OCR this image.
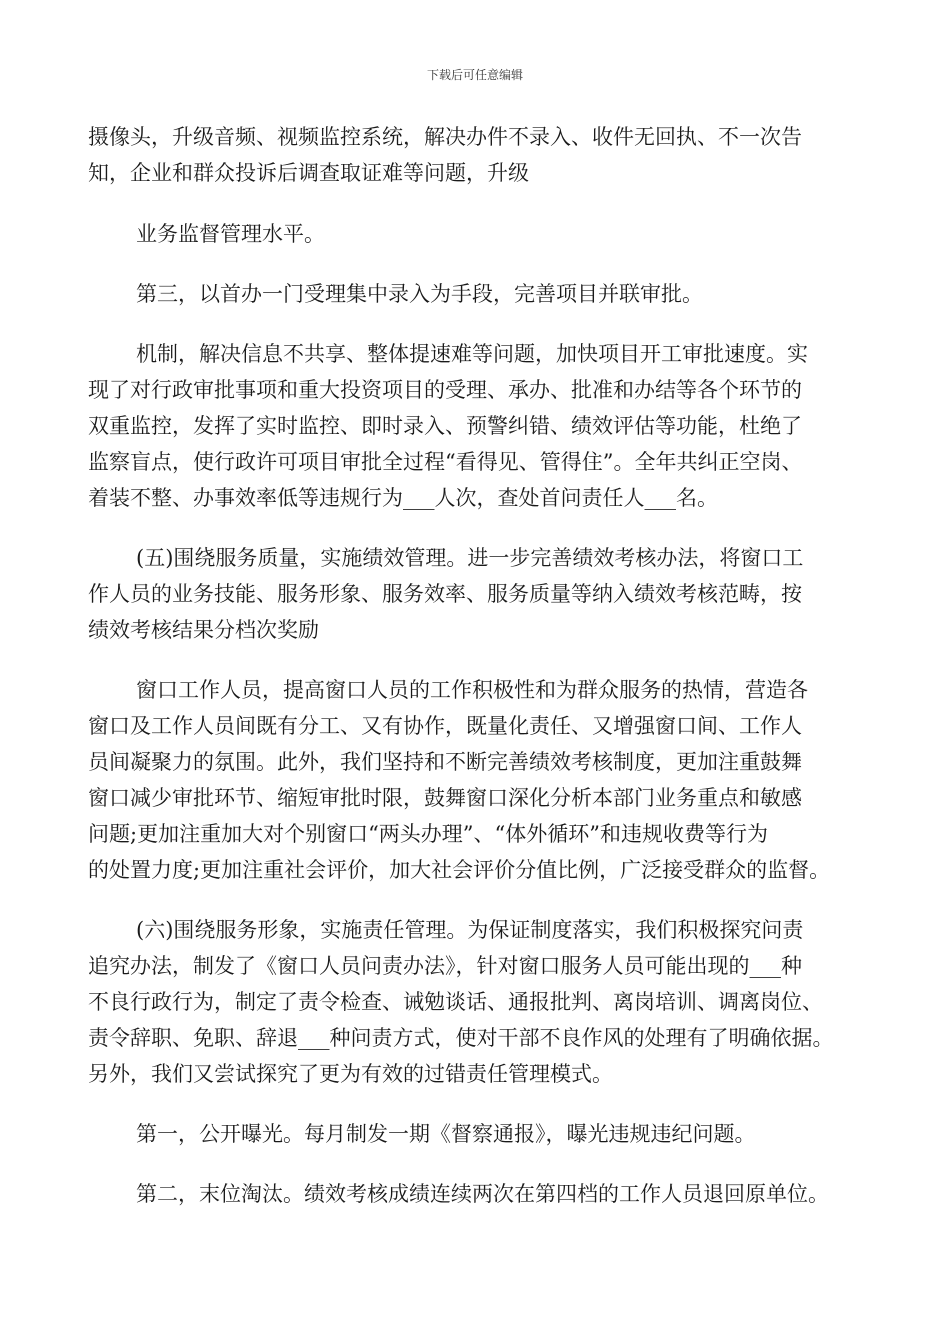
下载后可任意编辑
摄像头，升级音频、视频监控系统，解决办件不录入、收件无回执、不一次告
知，企业和群众投诉后调查取证难等问题，升级
业务监督管理水平。
第三，以首办一门受理集中录入为手段，完善项目并联审批。
机制，解决信息不共享、整体提速难等问题，加快项目开工审批速度。实
现了对行政审批事项和重大投资项目的受理、承办、批准和办结等各个环节的
双重监控，发挥了实时监控、即时录入、预警纠错、绩效评估等功能，杜绝了
监察盲点，使行政许可项目审批全过程“看得见、管得住”。全年共纠正空岗、
着装不整、办事效率低等违规行为___人次，查处首问责任人___名。
(五)围绕服务质量，实施绩效管理。进一步完善绩效考核办法，将窗口工
作人员的业务技能、服务形象、服务效率、服务质量等纳入绩效考核范畴，按
绩效考核结果分档次奖励
窗口工作人员，提高窗口人员的工作积极性和为群众服务的热情，营造各
窗口及工作人员间既有分工、又有协作，既量化责任、又增强窗口间、工作人
员间凝聚力的氛围。此外，我们坚持和不断完善绩效考核制度，更加注重鼓舞
窗口减少审批环节、缩短审批时限，鼓舞窗口深化分析本部门业务重点和敏感
问题;更加注重加大对个别窗口“两头办理”、“体外循环”和违规收费等行为
的处置力度;更加注重社会评价，加大社会评价分值比例，广泛接受群众的监督。
(六)围绕服务形象，实施责任管理。为保证制度落实，我们积极探究问责
追究办法，制发了《窗口人员问责办法》，针对窗口服务人员可能出现的___种
不良行政行为，制定了责令检查、诫勉谈话、通报批判、离岗培训、调离岗位、
责令辞职、免职、辞退___种问责方式，使对干部不良作风的处理有了明确依据。
另外，我们又尝试探究了更为有效的过错责任管理模式。
第一，公开曝光。每月制发一期《督察通报》，曝光违规违纪问题。
第二，末位淘汰。绩效考核成绩连续两次在第四档的工作人员退回原单位。
